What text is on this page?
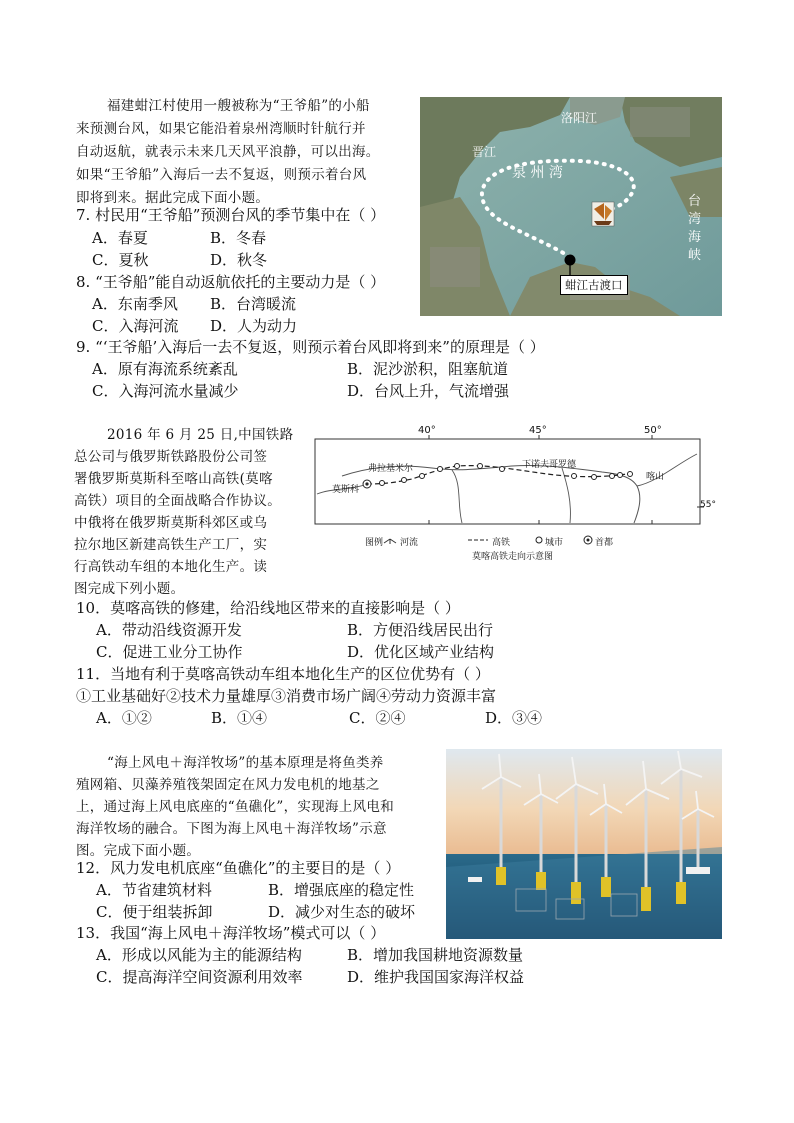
福建蚶江村使用一艘被称为“王爷船”的小船
来预测台风，如果它能沿着泉州湾顺时针航行并
自动返航，就表示未来几天风平浪静，可以出海。
如果“王爷船”入海后一去不复返，则预示着台风
即将到来。据此完成下面小题。
洛阳江
晋江
泉 州 湾
台
湾
海
峡
蚶江古渡口
7. 村民用“王爷船”预测台风的季节集中在（ ）
A．春夏	B．冬春
C．夏秋	D．秋冬
8. “王爷船”能自动返航依托的主要动力是（ ）
A．东南季风 B．台湾暖流
C．入海河流 D．人为动力
9. “‘王爷船’入海后一去不复返，则预示着台风即将到来”的原理是（ ）
A．原有海流系统紊乱	B．泥沙淤积，阻塞航道
C．入海河流水量减少	D．台风上升，气流增强
2016 年 6 月 25 日,中国铁路
总公司与俄罗斯铁路股份公司签
署俄罗斯莫斯科至喀山高铁(莫喀
高铁）项目的全面战略合作协议。
中俄将在俄罗斯莫斯科郊区或乌
拉尔地区新建高铁生产工厂，实
行高铁动车组的本地化生产。读
图完成下列小题。
40°	45°	50°
55°
莫斯科
弗拉基米尔	下诺夫哥罗德
喀山
图例 河流	高铁	城市	首都
莫喀高铁走向示意图
10．莫喀高铁的修建，给沿线地区带来的直接影响是（ ）
A．带动沿线资源开发	B．方便沿线居民出行
C．促进工业分工协作	D．优化区域产业结构
11．当地有利于莫喀高铁动车组本地化生产的区位优势有（ ）
①工业基础好②技术力量雄厚③消费市场广阔④劳动力资源丰富
A．①②	B．①④	C．②④	D．③④
“海上风电＋海洋牧场”的基本原理是将鱼类养
殖网箱、贝藻养殖筏架固定在风力发电机的地基之
上，通过海上风电底座的“鱼礁化”，实现海上风电和
海洋牧场的融合。下图为海上风电＋海洋牧场”示意
图。完成下面小题。
12．风力发电机底座“鱼礁化”的主要目的是（ ）
A．节省建筑材料	B．增强底座的稳定性
C．便于组装拆卸	D．减少对生态的破坏
13．我国“海上风电＋海洋牧场”模式可以（ ）
A．形成以风能为主的能源结构	B．增加我国耕地资源数量
C．提高海洋空间资源利用效率	D．维护我国国家海洋权益
